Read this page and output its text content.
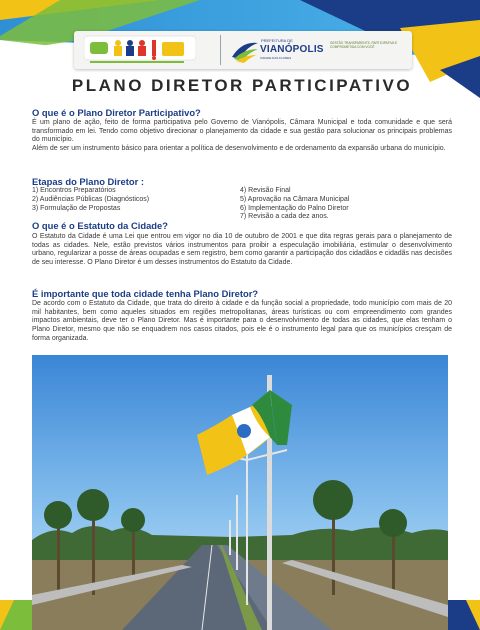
PREFEITURA DE
VIANÓPOLIS
CIDADE DAS FLORES
GESTÃO TRANSPARENTE, PARTICIPATIVA E COMPROMETIDA COM VOCÊ
PLANO DIRETOR PARTICIPATIVO
O que é o Plano Diretor Participativo?

É um plano de ação, feito de forma participativa pelo Governo de Vianópolis, Câmara Municipal e toda comunidade e que será transformado em lei. Tendo como objetivo direcionar o planejamento da cidade e sua gestão para solucionar os principais problemas do município.

Além de ser um instrumento básico para orientar a política de desenvolvimento e de ordenamento da expansão urbana do município.

Etapas do Plano Diretor :
1) Encontros Preparatórios
2) Audiências Públicas (Diagnósticos)
3) Formulação de Propostas
4) Revisão Final
5) Aprovação na Câmara Municipal
6) Implementação do Palno Diretor
7) Revisão a cada dez anos.
O que é o Estatuto da Cidade?

O Estatuto da Cidade é uma Lei que entrou em vigor no dia 10 de outubro de 2001 e que dita regras gerais para o planejamento de todas as cidades. Nele, estão previstos vários instrumentos para proibir a especulação imobiliária, estimular o desenvolvimento urbano, regularizar a posse de áreas ocupadas e sem registro, bem como garantir a participação dos cidadãos e cidadãs nas decisões de seu interesse. O Plano Diretor é um desses instrumentos do Estatuto da Cidade.

É importante que toda cidade tenha Plano Diretor?

De acordo com o Estatuto da Cidade, que trata do direito à cidade e da função social a propriedade, todo município com mais de 20 mil habitantes, bem como aqueles situados em regiões metropolitanas, áreas turísticas ou com empreendimento com grandes impactos ambientais, deve ter o Plano Diretor. Mas é importante para o desenvolvimento de todas as cidades, que elas tenham o Plano Diretor, mesmo que não se enquadrem nos casos citados, pois ele é o instrumento legal para que os municípios cresçam de forma organizada.
